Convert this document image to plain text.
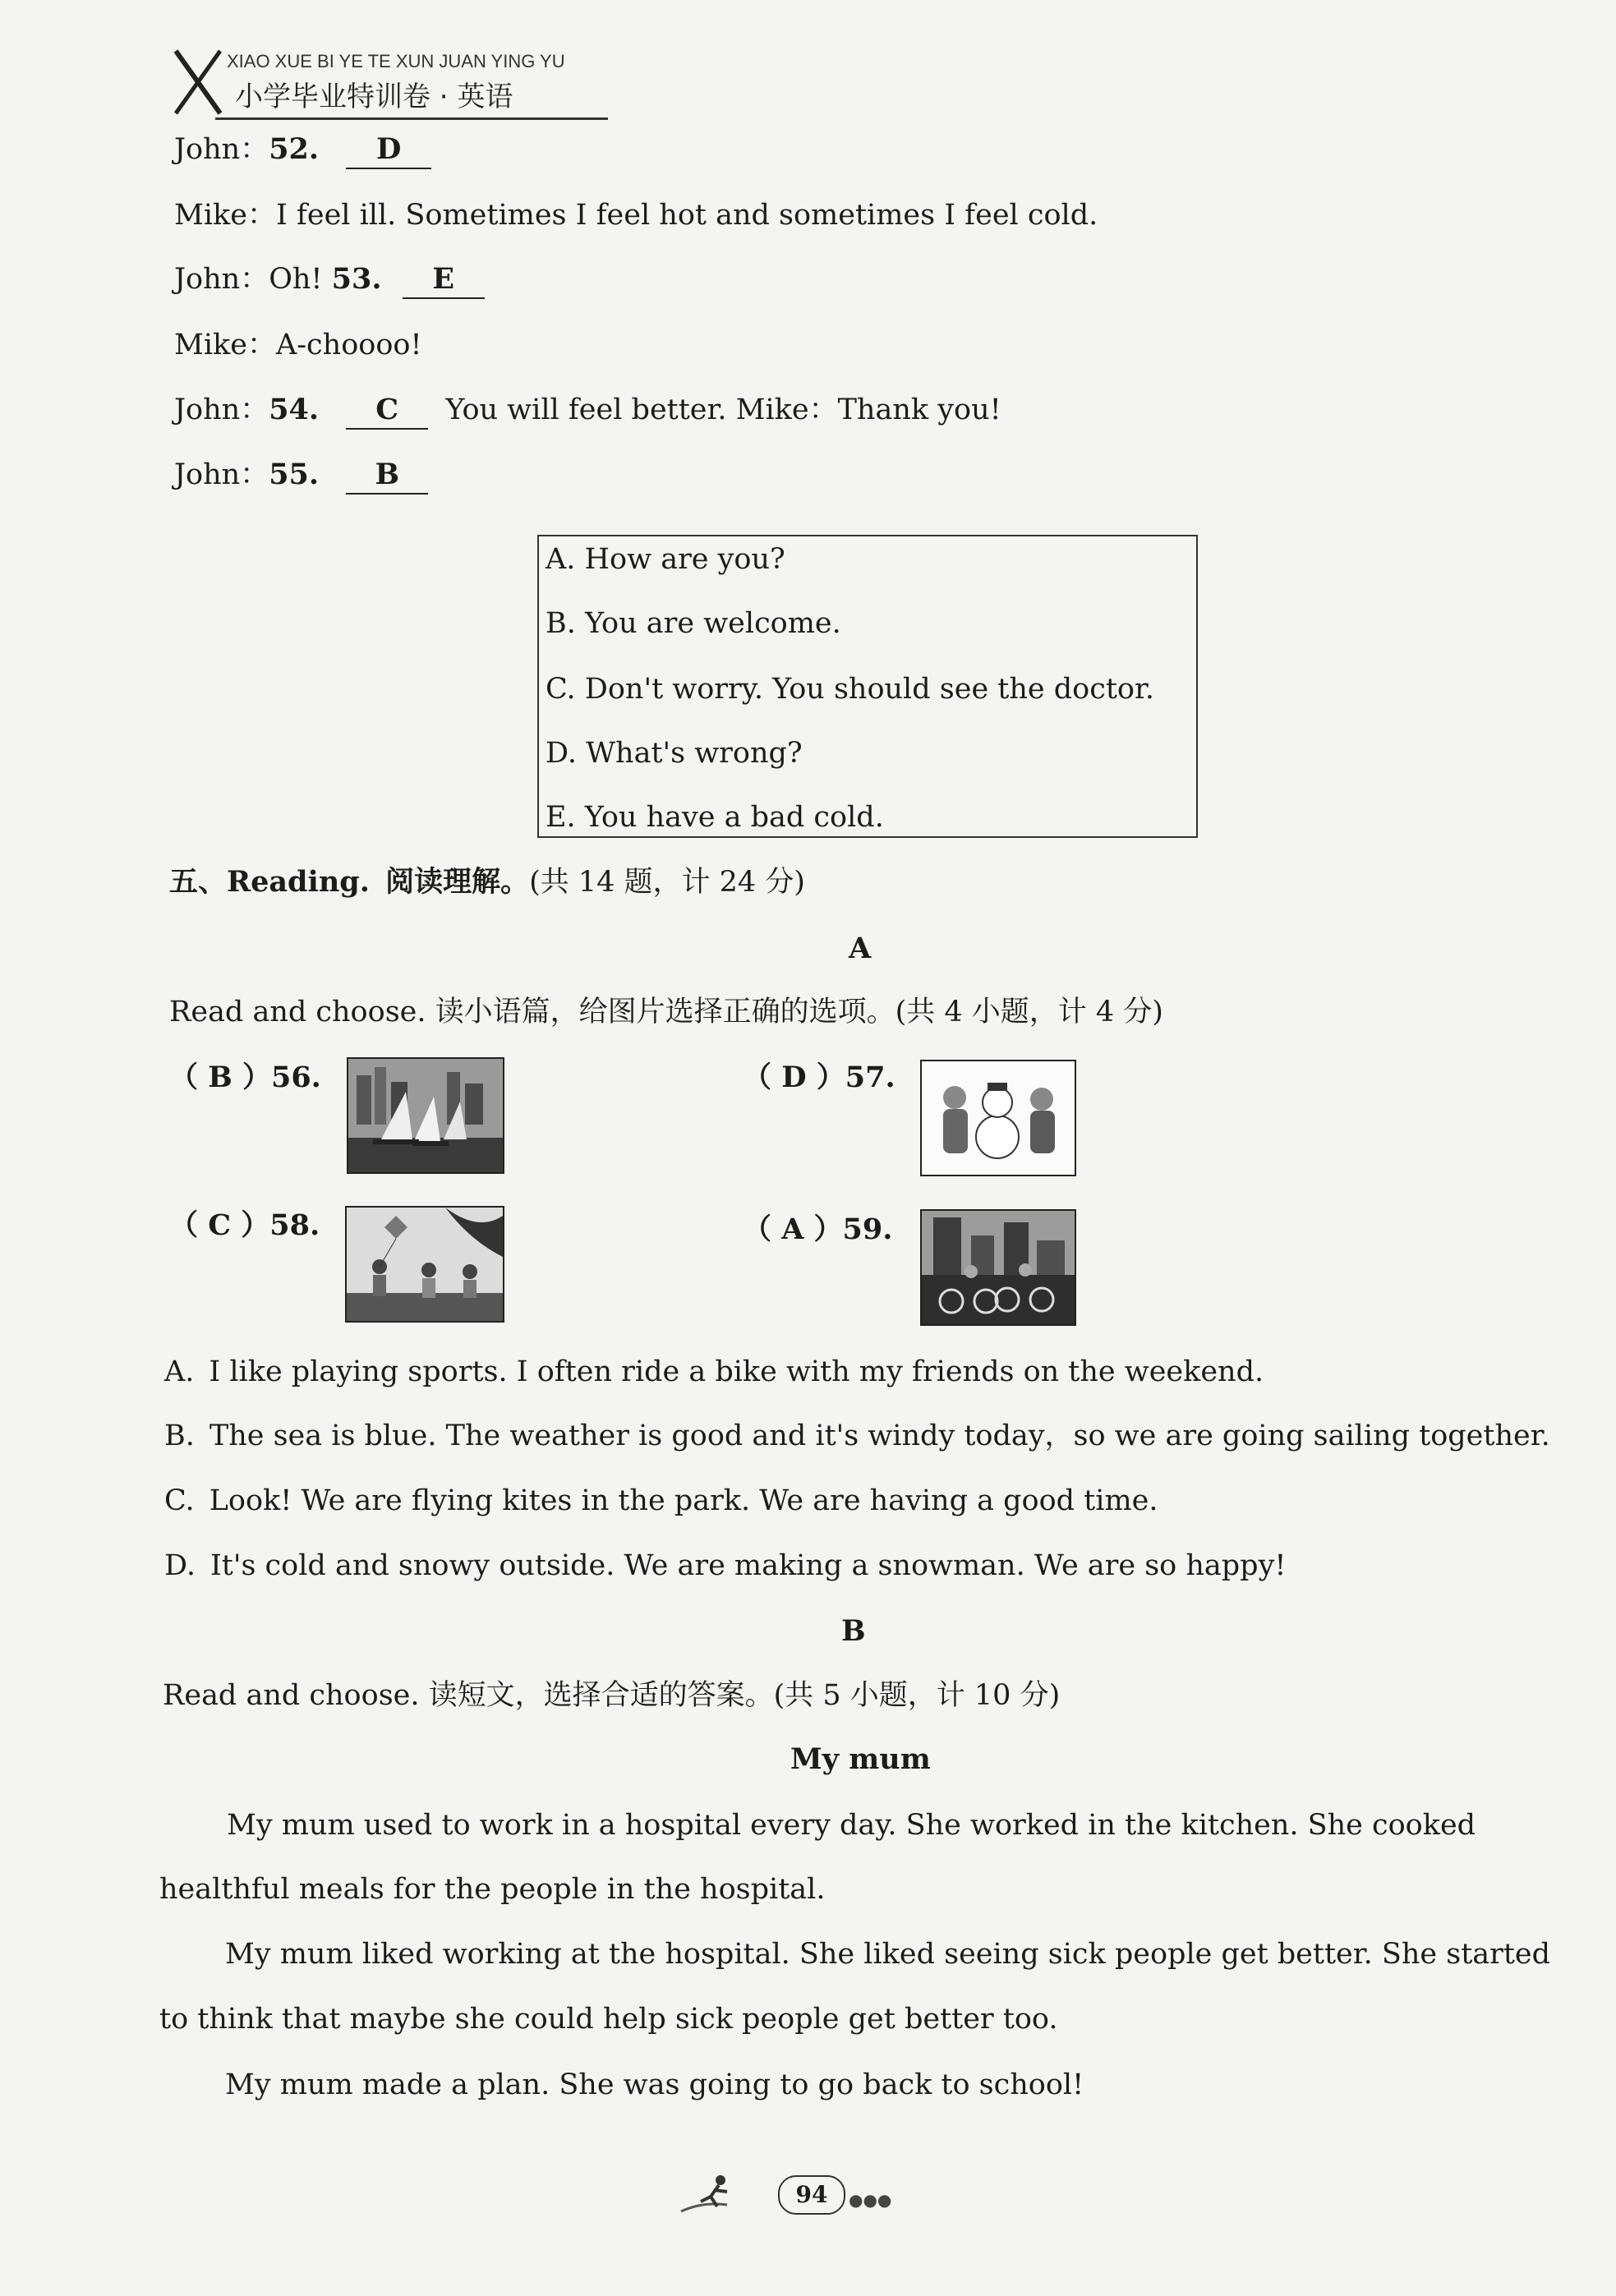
XIAO XUE BI YE TE XUN JUAN YING YU
小学毕业特训卷 · 英语
John：52. D
Mike：I feel ill. Sometimes I feel hot and sometimes I feel cold.
John：Oh! 53. E
Mike：A-choooo!
John：54. C You will feel better. Mike：Thank you!
John：55. B
A. How are you?
B. You are welcome.
C. Don't worry. You should see the doctor.
D. What's wrong?
E. You have a bad cold.
五、Reading. 阅读理解。(共 14 题，计 24 分)
A
Read and choose. 读小语篇，给图片选择正确的选项。(共 4 小题，计 4 分)
（ B ）56.	（ D ）57.
（ C ）58.	（ A ）59.
A. I like playing sports. I often ride a bike with my friends on the weekend.
B. The sea is blue. The weather is good and it's windy today，so we are going sailing together.
C. Look! We are flying kites in the park. We are having a good time.
D. It's cold and snowy outside. We are making a snowman. We are so happy!
B
Read and choose. 读短文，选择合适的答案。(共 5 小题，计 10 分)
My mum
My mum used to work in a hospital every day. She worked in the kitchen. She cooked
healthful meals for the people in the hospital.
My mum liked working at the hospital. She liked seeing sick people get better. She started
to think that maybe she could help sick people get better too.
My mum made a plan. She was going to go back to school!
94	●●●
